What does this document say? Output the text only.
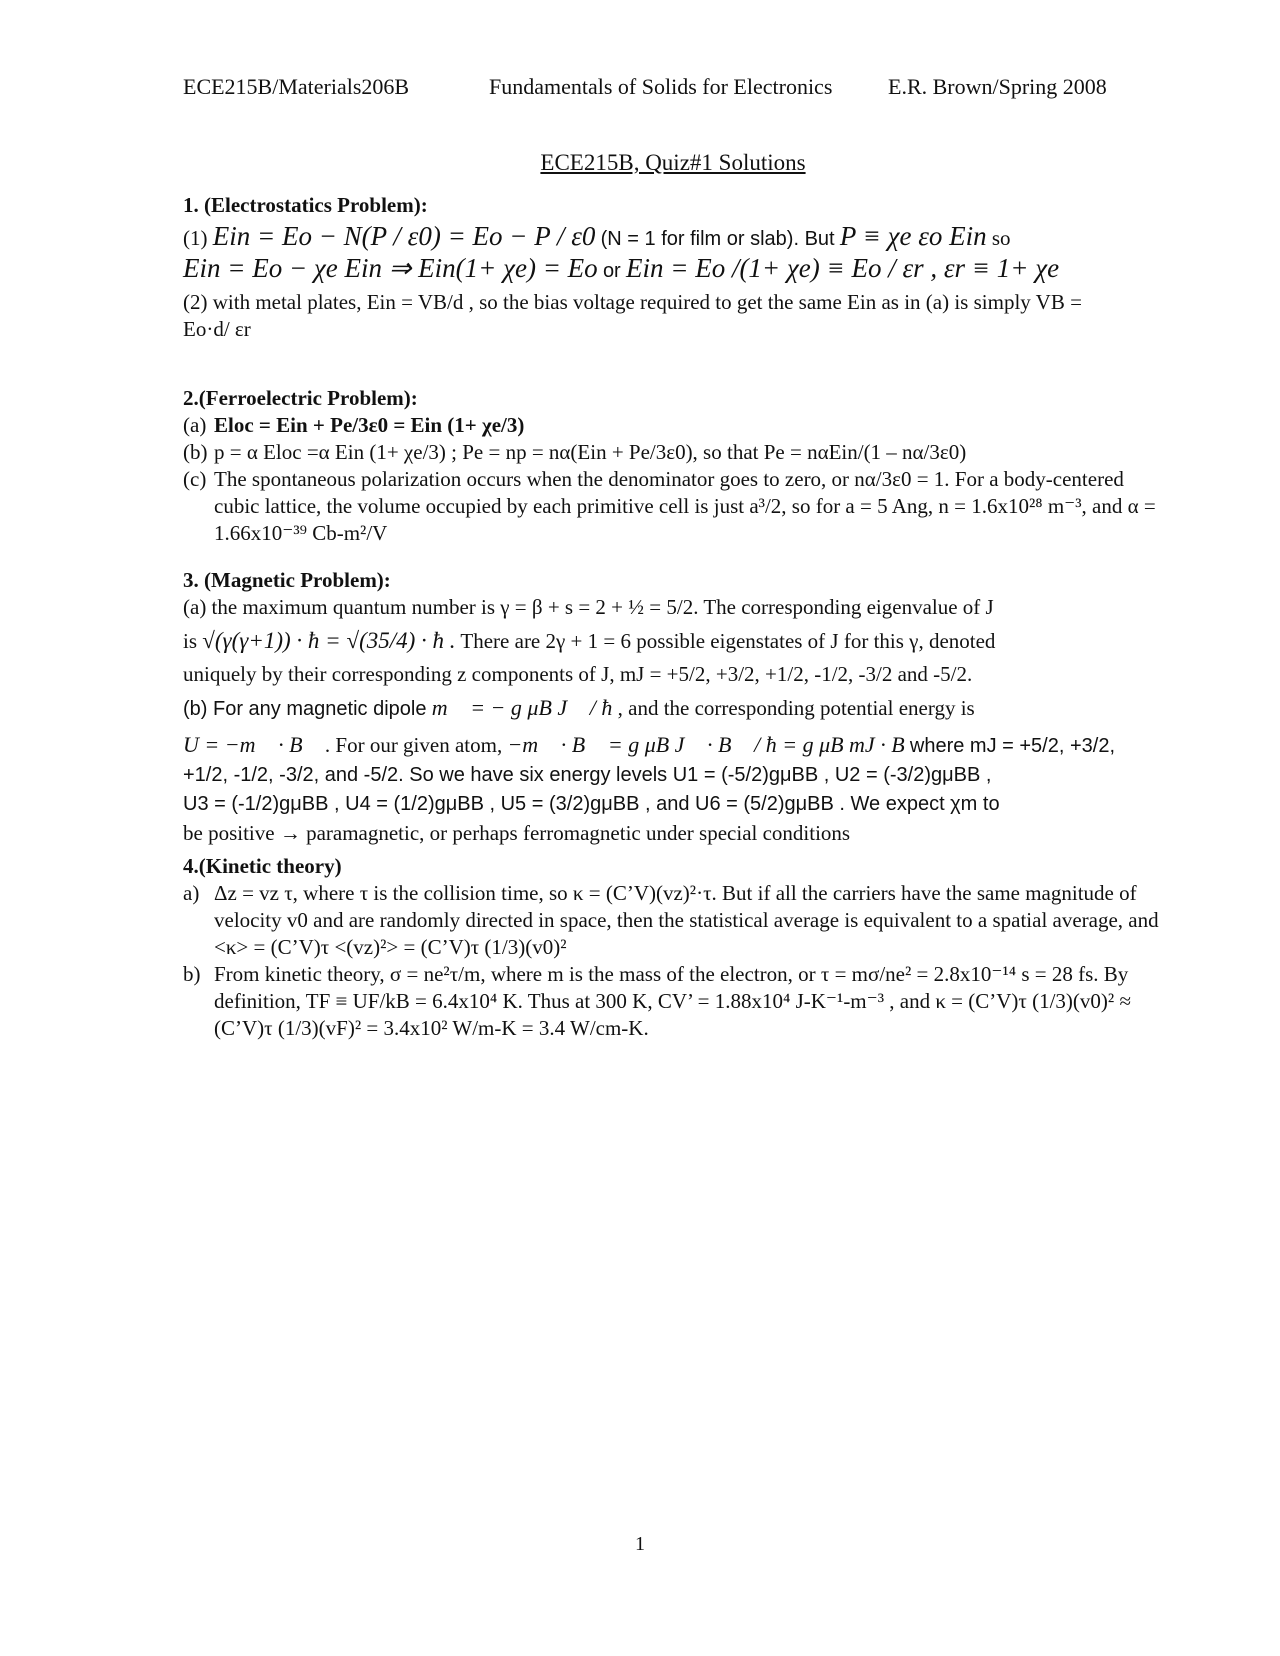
ECE215B/Materials206B	Fundamentals of Solids for Electronics	E.R. Brown/Spring 2008
ECE215B, Quiz#1 Solutions
1. (Electrostatics Problem):
(1) Ein = Eo − N(P / ε0) = Eo − P / ε0 (N = 1 for film or slab). But P ≡ χe εo Ein so
Ein = Eo − χe Ein ⇒ Ein(1+ χe) = Eo or Ein = Eo /(1+ χe) ≡ Eo / εr , εr ≡ 1+ χe
(2) with metal plates, Ein = VB/d , so the bias voltage required to get the same Ein as in (a) is simply VB = Eo·d/ εr
2.(Ferroelectric Problem):
(a) Eloc = Ein + Pe/3ε0 = Ein (1+ χe/3)
(b) p = α Eloc =α Ein (1+ χe/3) ; Pe = np = nα(Ein + Pe/3ε0), so that Pe = nαEin/(1 – nα/3ε0)
(c) The spontaneous polarization occurs when the denominator goes to zero, or nα/3ε0 = 1. For a body-centered cubic lattice, the volume occupied by each primitive cell is just a³/2, so for a = 5 Ang, n = 1.6x10²⁸ m⁻³, and α = 1.66x10⁻³⁹ Cb-m²/V
3. (Magnetic Problem):
(a) the maximum quantum number is γ = β + s = 2 + ½ = 5/2. The corresponding eigenvalue of J
is √(γ(γ+1)) · ħ = √(35/4) · ħ . There are 2γ + 1 = 6 possible eigenstates of J for this γ, denoted
uniquely by their corresponding z components of J, mJ = +5/2, +3/2, +1/2, -1/2, -3/2 and -5/2.
(b) For any magnetic dipole m⃗ = − g μB J⃗ / ħ , and the corresponding potential energy is
U = −m⃗ · B⃗ . For our given atom, −m⃗ · B⃗ = g μB J⃗ · B⃗ / ħ = g μB mJ · B where mJ = +5/2, +3/2,
+1/2, -1/2, -3/2, and -5/2. So we have six energy levels U1 = (-5/2)gμBB , U2 = (-3/2)gμBB ,
U3 = (-1/2)gμBB , U4 = (1/2)gμBB , U5 = (3/2)gμBB , and U6 = (5/2)gμBB . We expect χm to
be positive → paramagnetic, or perhaps ferromagnetic under special conditions
4.(Kinetic theory)
a) Δz = vz τ, where τ is the collision time, so κ = (C’V)(vz)²·τ. But if all the carriers have the same magnitude of velocity v0 and are randomly directed in space, then the statistical average is equivalent to a spatial average, and <κ> = (C’V)τ <(vz)²> = (C’V)τ (1/3)(v0)²
b) From kinetic theory, σ = ne²τ/m, where m is the mass of the electron, or τ = mσ/ne² = 2.8x10⁻¹⁴ s = 28 fs. By definition, TF ≡ UF/kB = 6.4x10⁴ K. Thus at 300 K, CV’ = 1.88x10⁴ J-K⁻¹-m⁻³ , and κ = (C’V)τ (1/3)(v0)² ≈ (C’V)τ (1/3)(vF)² = 3.4x10² W/m-K = 3.4 W/cm-K.
1
